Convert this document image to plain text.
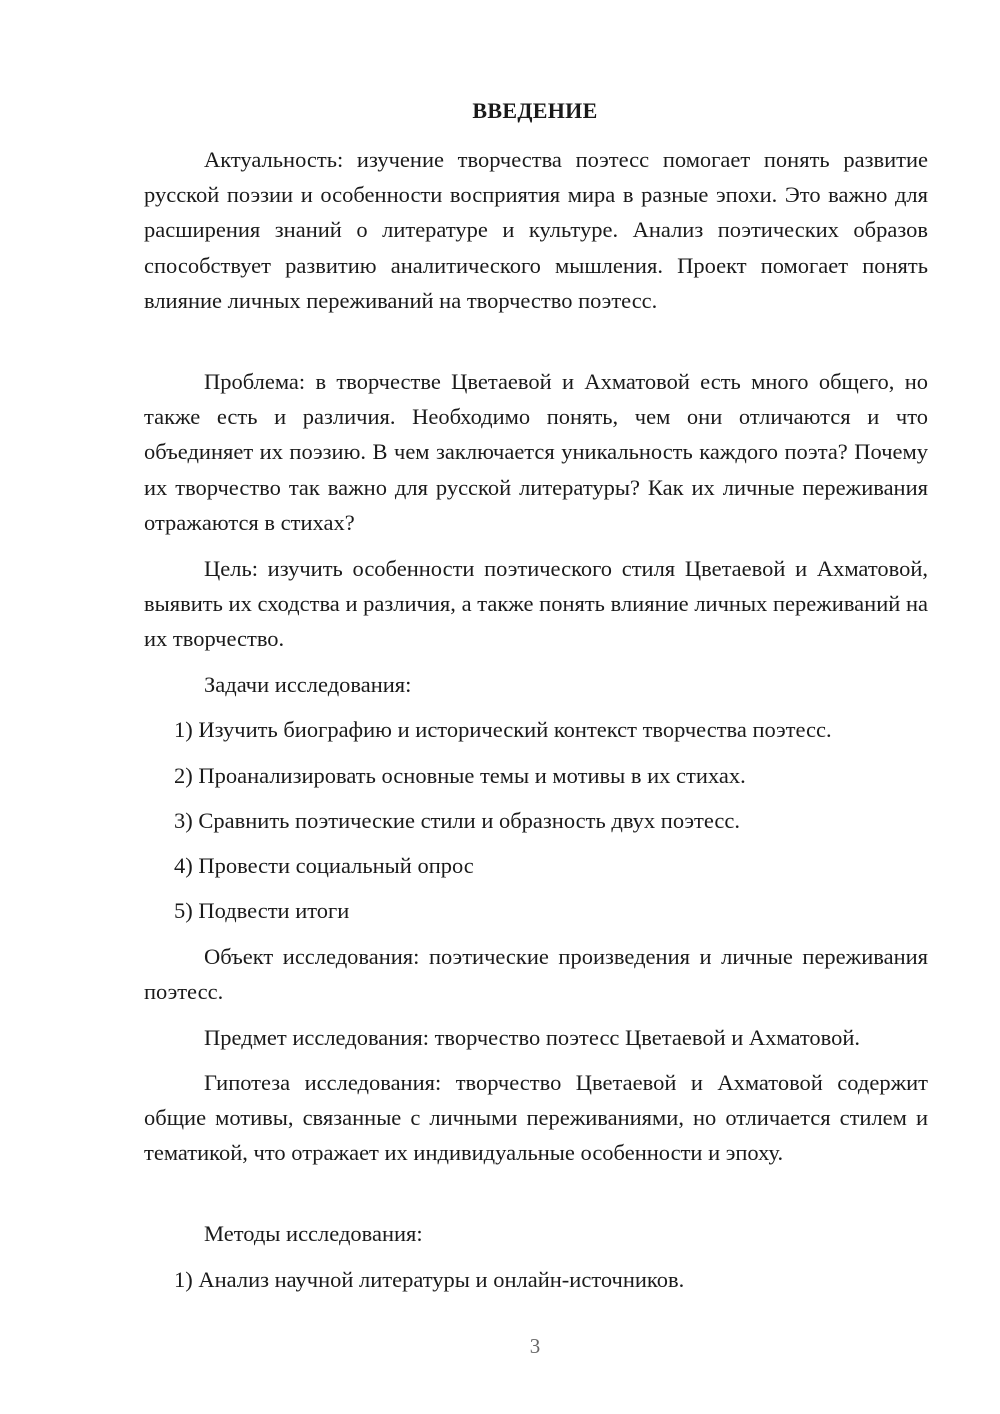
ВВЕДЕНИЕ

Актуальность: изучение творчества поэтесс помогает понять развитие русской поэзии и особенности восприятия мира в разные эпохи. Это важно для расширения знаний о литературе и культуре. Анализ поэтических образов способствует развитию аналитического мышления. Проект помогает понять влияние личных переживаний на творчество поэтесс.

Проблема: в творчестве Цветаевой и Ахматовой есть много общего, но также есть и различия. Необходимо понять, чем они отличаются и что объединяет их поэзию. В чем заключается уникальность каждого поэта? Почему их творчество так важно для русской литературы? Как их личные переживания отражаются в стихах?

Цель: изучить особенности поэтического стиля Цветаевой и Ахматовой, выявить их сходства и различия, а также понять влияние личных переживаний на их творчество.

Задачи исследования:

1) Изучить биографию и исторический контекст творчества поэтесс.

2) Проанализировать основные темы и мотивы в их стихах.

3) Сравнить поэтические стили и образность двух поэтесс.

4) Провести социальный опрос

5) Подвести итоги

Объект исследования: поэтические произведения и личные переживания поэтесс.

Предмет исследования: творчество поэтесс Цветаевой и Ахматовой.

Гипотеза исследования: творчество Цветаевой и Ахматовой содержит общие мотивы, связанные с личными переживаниями, но отличается стилем и тематикой, что отражает их индивидуальные особенности и эпоху.

Методы исследования:

1) Анализ научной литературы и онлайн-источников.

3
